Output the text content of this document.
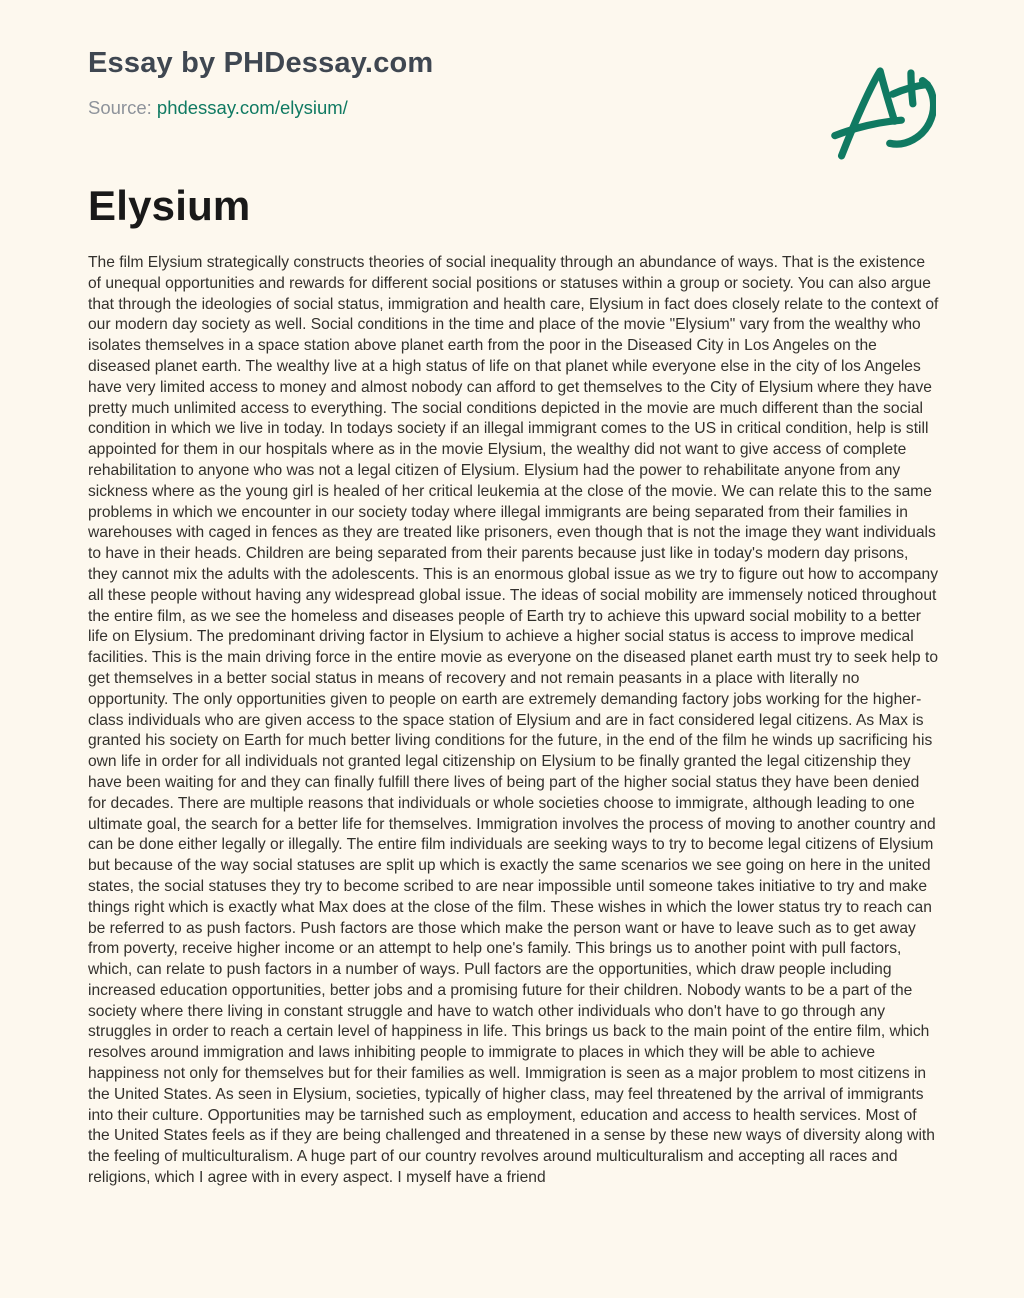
Essay by PHDessay.com
Source: phdessay.com/elysium/
Elysium

The film Elysium strategically constructs theories of social inequality through an abundance of ways. That is the existence of unequal opportunities and rewards for different social positions or statuses within a group or society. You can also argue that through the ideologies of social status, immigration and health care, Elysium in fact does closely relate to the context of our modern day society as well. Social conditions in the time and place of the movie "Elysium" vary from the wealthy who isolates themselves in a space station above planet earth from the poor in the Diseased City in Los Angeles on the diseased planet earth. The wealthy live at a high status of life on that planet while everyone else in the city of los Angeles have very limited access to money and almost nobody can afford to get themselves to the City of Elysium where they have pretty much unlimited access to everything. The social conditions depicted in the movie are much different than the social condition in which we live in today. In todays society if an illegal immigrant comes to the US in critical condition, help is still appointed for them in our hospitals where as in the movie Elysium, the wealthy did not want to give access of complete rehabilitation to anyone who was not a legal citizen of Elysium. Elysium had the power to rehabilitate anyone from any sickness where as the young girl is healed of her critical leukemia at the close of the movie. We can relate this to the same problems in which we encounter in our society today where illegal immigrants are being separated from their families in warehouses with caged in fences as they are treated like prisoners, even though that is not the image they want individuals to have in their heads. Children are being separated from their parents because just like in today's modern day prisons, they cannot mix the adults with the adolescents. This is an enormous global issue as we try to figure out how to accompany all these people without having any widespread global issue. The ideas of social mobility are immensely noticed throughout the entire film, as we see the homeless and diseases people of Earth try to achieve this upward social mobility to a better life on Elysium. The predominant driving factor in Elysium to achieve a higher social status is access to improve medical facilities. This is the main driving force in the entire movie as everyone on the diseased planet earth must try to seek help to get themselves in a better social status in means of recovery and not remain peasants in a place with literally no opportunity. The only opportunities given to people on earth are extremely demanding factory jobs working for the higher-class individuals who are given access to the space station of Elysium and are in fact considered legal citizens. As Max is granted his society on Earth for much better living conditions for the future, in the end of the film he winds up sacrificing his own life in order for all individuals not granted legal citizenship on Elysium to be finally granted the legal citizenship they have been waiting for and they can finally fulfill there lives of being part of the higher social status they have been denied for decades. There are multiple reasons that individuals or whole societies choose to immigrate, although leading to one ultimate goal, the search for a better life for themselves. Immigration involves the process of moving to another country and can be done either legally or illegally. The entire film individuals are seeking ways to try to become legal citizens of Elysium but because of the way social statuses are split up which is exactly the same scenarios we see going on here in the united states, the social statuses they try to become scribed to are near impossible until someone takes initiative to try and make things right which is exactly what Max does at the close of the film. These wishes in which the lower status try to reach can be referred to as push factors. Push factors are those which make the person want or have to leave such as to get away from poverty, receive higher income or an attempt to help one's family. This brings us to another point with pull factors, which, can relate to push factors in a number of ways. Pull factors are the opportunities, which draw people including increased education opportunities, better jobs and a promising future for their children. Nobody wants to be a part of the society where there living in constant struggle and have to watch other individuals who don't have to go through any struggles in order to reach a certain level of happiness in life. This brings us back to the main point of the entire film, which resolves around immigration and laws inhibiting people to immigrate to places in which they will be able to achieve happiness not only for themselves but for their families as well. Immigration is seen as a major problem to most citizens in the United States. As seen in Elysium, societies, typically of higher class, may feel threatened by the arrival of immigrants into their culture. Opportunities may be tarnished such as employment, education and access to health services. Most of the United States feels as if they are being challenged and threatened in a sense by these new ways of diversity along with the feeling of multiculturalism. A huge part of our country revolves around multiculturalism and accepting all races and religions, which I agree with in every aspect. I myself have a friend
